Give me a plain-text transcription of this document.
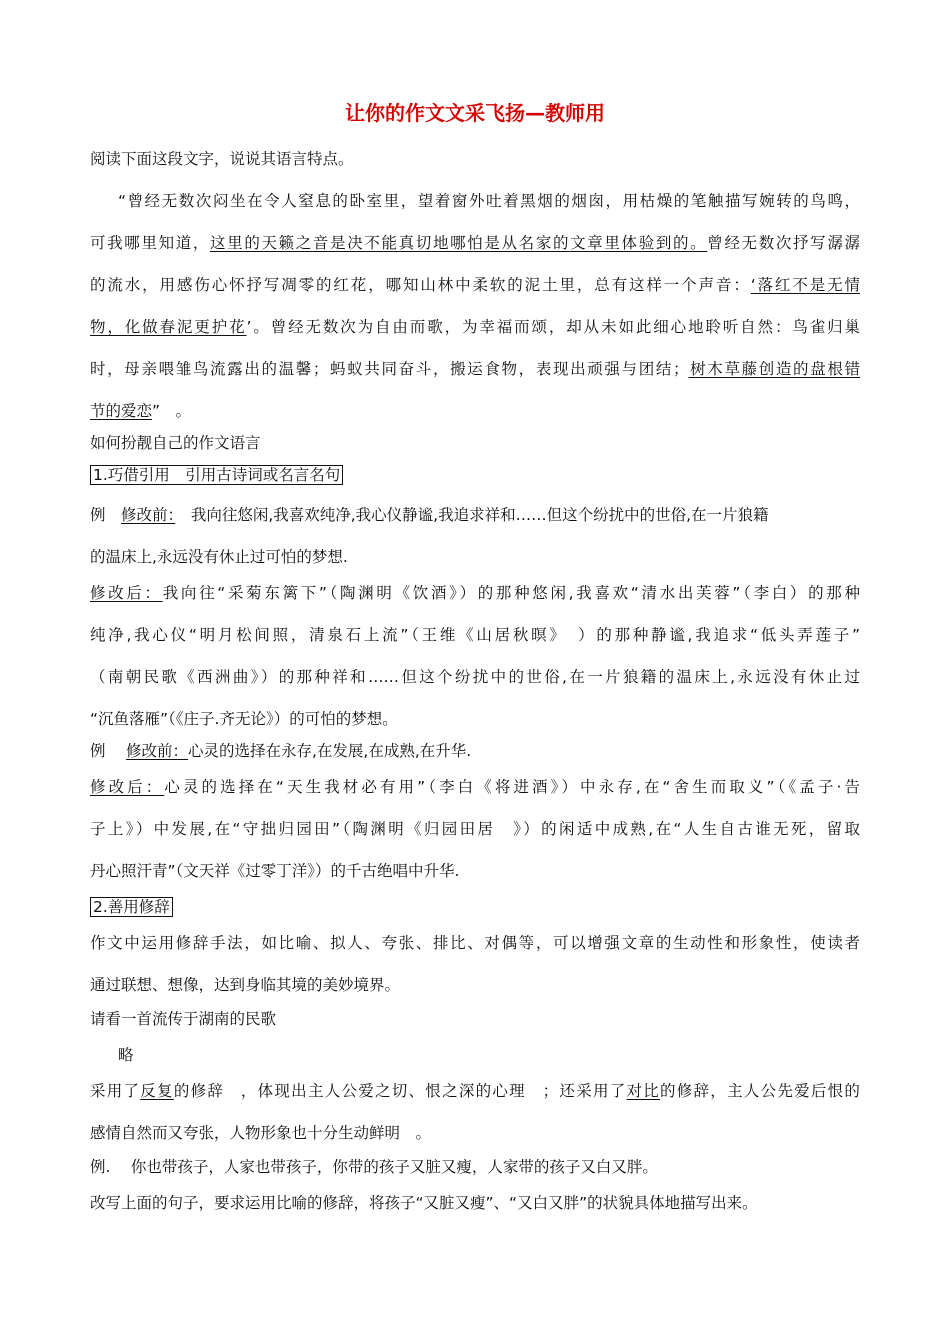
让你的作文文采飞扬—教师用
阅读下面这段文字，说说其语言特点。
“曾经无数次闷坐在令人窒息的卧室里，望着窗外吐着黑烟的烟囱，用枯燥的笔触描写婉转的鸟鸣，
可我哪里知道，这里的天籁之音是决不能真切地哪怕是从名家的文章里体验到的。曾经无数次抒写潺潺
的流水，用感伤心怀抒写凋零的红花，哪知山林中柔软的泥土里，总有这样一个声音：‘落红不是无情
物，化做春泥更护花’。曾经无数次为自由而歌，为幸福而颂，却从未如此细心地聆听自然：鸟雀归巢
时，母亲喂雏鸟流露出的温馨；蚂蚁共同奋斗，搬运食物，表现出顽强与团结；树木草藤创造的盘根错
节的爱恋”　。
如何扮靓自己的作文语言
1.巧借引用　引用古诗词或名言名句
例　 修改前：　 我向往悠闲,我喜欢纯净,我心仪静谧,我追求祥和……但这个纷扰中的世俗,在一片狼籍
的温床上,永远没有休止过可怕的梦想.
修改后：我向往“采菊东篱下”（陶渊明《饮酒》）的那种悠闲,我喜欢“清水出芙蓉”（李白）的那种
纯净,我心仪“明月松间照，清泉石上流”（王维《山居秋暝》　）的那种静谧,我追求“低头弄莲子”
（南朝民歌《西洲曲》）的那种祥和……但这个纷扰中的世俗,在一片狼籍的温床上,永远没有休止过
“沉鱼落雁”（《庄子.齐无论》）的可怕的梦想。
例　 修改前：心灵的选择在永存,在发展,在成熟,在升华.
修改后：心灵的选择在“天生我材必有用”（李白《将进酒》）中永存,在“舍生而取义”（《孟子·告
子上》）中发展,在“守拙归园田”（陶渊明《归园田居　》）的闲适中成熟,在“人生自古谁无死，留取
丹心照汗青”（文天祥《过零丁洋》）的千古绝唱中升华.
2.善用修辞
作文中运用修辞手法，如比喻、拟人、夸张、排比、对偶等，可以增强文章的生动性和形象性，使读者
通过联想、想像，达到身临其境的美妙境界。
请看一首流传于湖南的民歌
略
采用了反复的修辞　，体现出主人公爱之切、恨之深的心理　；还采用了对比的修辞，主人公先爱后恨的
感情自然而又夸张，人物形象也十分生动鲜明　。
例.　 你也带孩子，人家也带孩子，你带的孩子又脏又瘦，人家带的孩子又白又胖。
改写上面的句子，要求运用比喻的修辞，将孩子“又脏又瘦”、“又白又胖”的状貌具体地描写出来。
